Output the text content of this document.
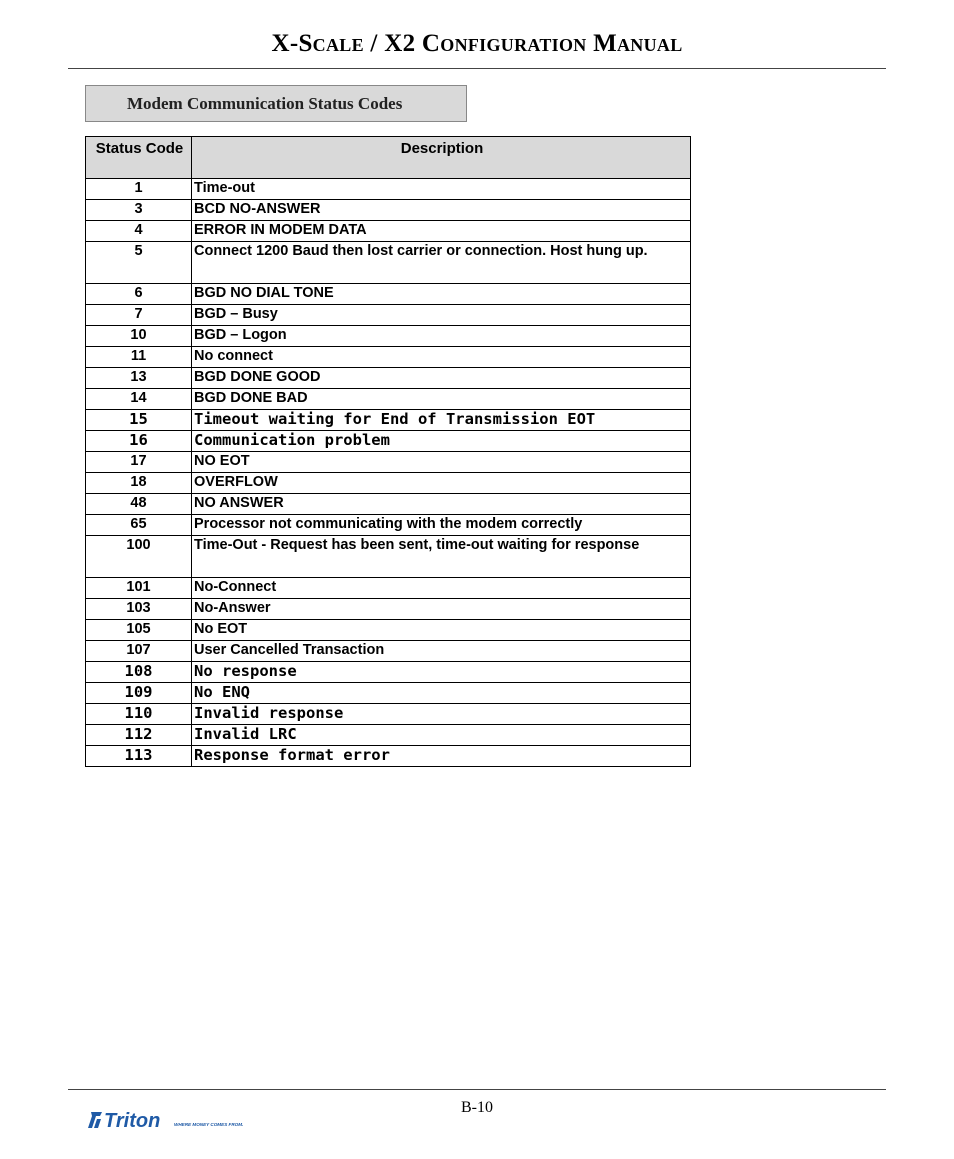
X-Scale / X2 Configuration Manual
Modem Communication Status Codes
Status Code	Description
1	Time-out
3	BCD NO-ANSWER
4	ERROR IN MODEM DATA
5	Connect 1200 Baud then lost carrier or connection. Host hung up.
6	BGD NO DIAL TONE
7	BGD – Busy
10	BGD – Logon
11	No connect
13	BGD DONE GOOD
14	BGD DONE BAD
15	Timeout waiting for End of Transmission EOT
16	Communication problem
17	NO EOT
18	OVERFLOW
48	NO ANSWER
65	Processor not communicating with the modem correctly
100	Time-Out - Request has been sent, time-out waiting for response
101	No-Connect
103	No-Answer
105	No EOT
107	User Cancelled Transaction
108	No response
109	No ENQ
110	Invalid response
112	Invalid LRC
113	Response format error
B-10
Triton	WHERE MONEY COMES FROM.
